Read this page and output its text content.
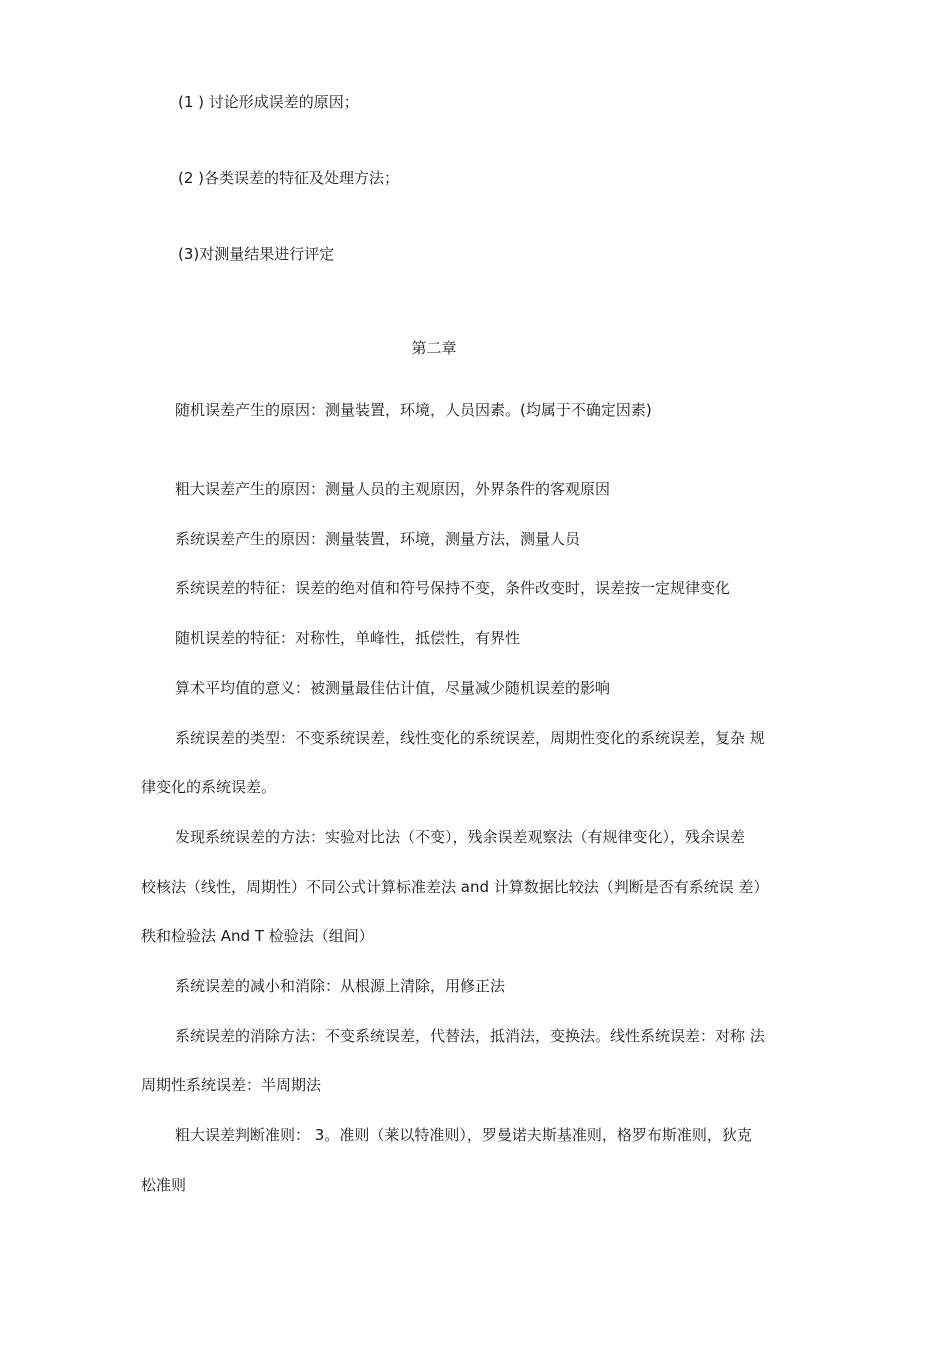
(1 ) 讨论形成误差的原因；
(2 )各类误差的特征及处理方法；
(3)对测量结果进行评定
第二章
随机误差产生的原因：测量装置，环境，人员因素。(均属于不确定因素)
粗大误差产生的原因：测量人员的主观原因，外界条件的客观原因
系统误差产生的原因：测量装置，环境，测量方法，测量人员
系统误差的特征：误差的绝对值和符号保持不变，条件改变时，误差按一定规律变化
随机误差的特征：对称性，单峰性，抵偿性，有界性
算术平均值的意义：被测量最佳估计值，尽量减少随机误差的影响
系统误差的类型：不变系统误差，线性变化的系统误差，周期性变化的系统误差，复杂 规
律变化的系统误差。
发现系统误差的方法：实验对比法（不变），残余误差观察法（有规律变化），残余误差
校核法（线性，周期性）不同公式计算标准差法 and 计算数据比较法（判断是否有系统误 差）
秩和检验法 And T 检验法（组间）
系统误差的减小和消除：从根源上清除，用修正法
系统误差的消除方法：不变系统误差，代替法，抵消法，变换法。线性系统误差：对称 法
周期性系统误差：半周期法
粗大误差判断准则： 3。准则（莱以特准则），罗曼诺夫斯基准则，格罗布斯准则，狄克
松准则
